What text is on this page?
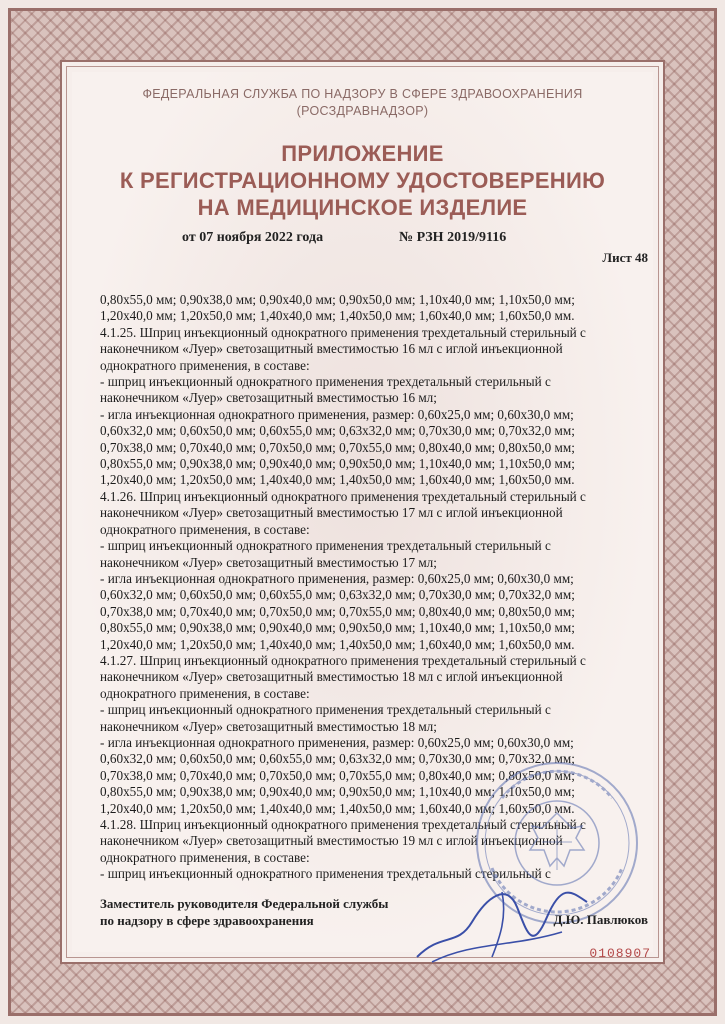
ФЕДЕРАЛЬНАЯ СЛУЖБА ПО НАДЗОРУ В СФЕРЕ ЗДРАВООХРАНЕНИЯ
(РОСЗДРАВНАДЗОР)
ПРИЛОЖЕНИЕ
К РЕГИСТРАЦИОННОМУ УДОСТОВЕРЕНИЮ
НА МЕДИЦИНСКОЕ ИЗДЕЛИЕ
от 07 ноября 2022 года	№ РЗН 2019/9116
Лист 48
0,80x55,0 мм; 0,90x38,0 мм; 0,90x40,0 мм; 0,90x50,0 мм; 1,10x40,0 мм; 1,10x50,0 мм;
1,20x40,0 мм; 1,20x50,0 мм; 1,40x40,0 мм; 1,40x50,0 мм; 1,60x40,0 мм; 1,60x50,0 мм.
4.1.25. Шприц инъекционный однократного применения трехдетальный стерильный с
наконечником «Луер» светозащитный вместимостью 16 мл с иглой инъекционной
однократного применения, в составе:
- шприц инъекционный однократного применения трехдетальный стерильный с
наконечником «Луер» светозащитный вместимостью 16 мл;
- игла инъекционная однократного применения, размер: 0,60x25,0 мм; 0,60x30,0 мм;
0,60x32,0 мм; 0,60x50,0 мм; 0,60x55,0 мм; 0,63x32,0 мм; 0,70x30,0 мм; 0,70x32,0 мм;
0,70x38,0 мм; 0,70x40,0 мм; 0,70x50,0 мм; 0,70x55,0 мм; 0,80x40,0 мм; 0,80x50,0 мм;
0,80x55,0 мм; 0,90x38,0 мм; 0,90x40,0 мм; 0,90x50,0 мм; 1,10x40,0 мм; 1,10x50,0 мм;
1,20x40,0 мм; 1,20x50,0 мм; 1,40x40,0 мм; 1,40x50,0 мм; 1,60x40,0 мм; 1,60x50,0 мм.
4.1.26. Шприц инъекционный однократного применения трехдетальный стерильный с
наконечником «Луер» светозащитный вместимостью 17 мл с иглой инъекционной
однократного применения, в составе:
- шприц инъекционный однократного применения трехдетальный стерильный с
наконечником «Луер» светозащитный вместимостью 17 мл;
- игла инъекционная однократного применения, размер: 0,60x25,0 мм; 0,60x30,0 мм;
0,60x32,0 мм; 0,60x50,0 мм; 0,60x55,0 мм; 0,63x32,0 мм; 0,70x30,0 мм; 0,70x32,0 мм;
0,70x38,0 мм; 0,70x40,0 мм; 0,70x50,0 мм; 0,70x55,0 мм; 0,80x40,0 мм; 0,80x50,0 мм;
0,80x55,0 мм; 0,90x38,0 мм; 0,90x40,0 мм; 0,90x50,0 мм; 1,10x40,0 мм; 1,10x50,0 мм;
1,20x40,0 мм; 1,20x50,0 мм; 1,40x40,0 мм; 1,40x50,0 мм; 1,60x40,0 мм; 1,60x50,0 мм.
4.1.27. Шприц инъекционный однократного применения трехдетальный стерильный с
наконечником «Луер» светозащитный вместимостью 18 мл с иглой инъекционной
однократного применения, в составе:
- шприц инъекционный однократного применения трехдетальный стерильный с
наконечником «Луер» светозащитный вместимостью 18 мл;
- игла инъекционная однократного применения, размер: 0,60x25,0 мм; 0,60x30,0 мм;
0,60x32,0 мм; 0,60x50,0 мм; 0,60x55,0 мм; 0,63x32,0 мм; 0,70x30,0 мм; 0,70x32,0 мм;
0,70x38,0 мм; 0,70x40,0 мм; 0,70x50,0 мм; 0,70x55,0 мм; 0,80x40,0 мм; 0,80x50,0 мм;
0,80x55,0 мм; 0,90x38,0 мм; 0,90x40,0 мм; 0,90x50,0 мм; 1,10x40,0 мм; 1,10x50,0 мм;
1,20x40,0 мм; 1,20x50,0 мм; 1,40x40,0 мм; 1,40x50,0 мм; 1,60x40,0 мм; 1,60x50,0 мм.
4.1.28. Шприц инъекционный однократного применения трехдетальный стерильный с
наконечником «Луер» светозащитный вместимостью 19 мл с иглой инъекционной
однократного применения, в составе:
- шприц инъекционный однократного применения трехдетальный стерильный с
Заместитель руководителя Федеральной службы
по надзору в сфере здравоохранения	Д.Ю. Павлюков
0108907
